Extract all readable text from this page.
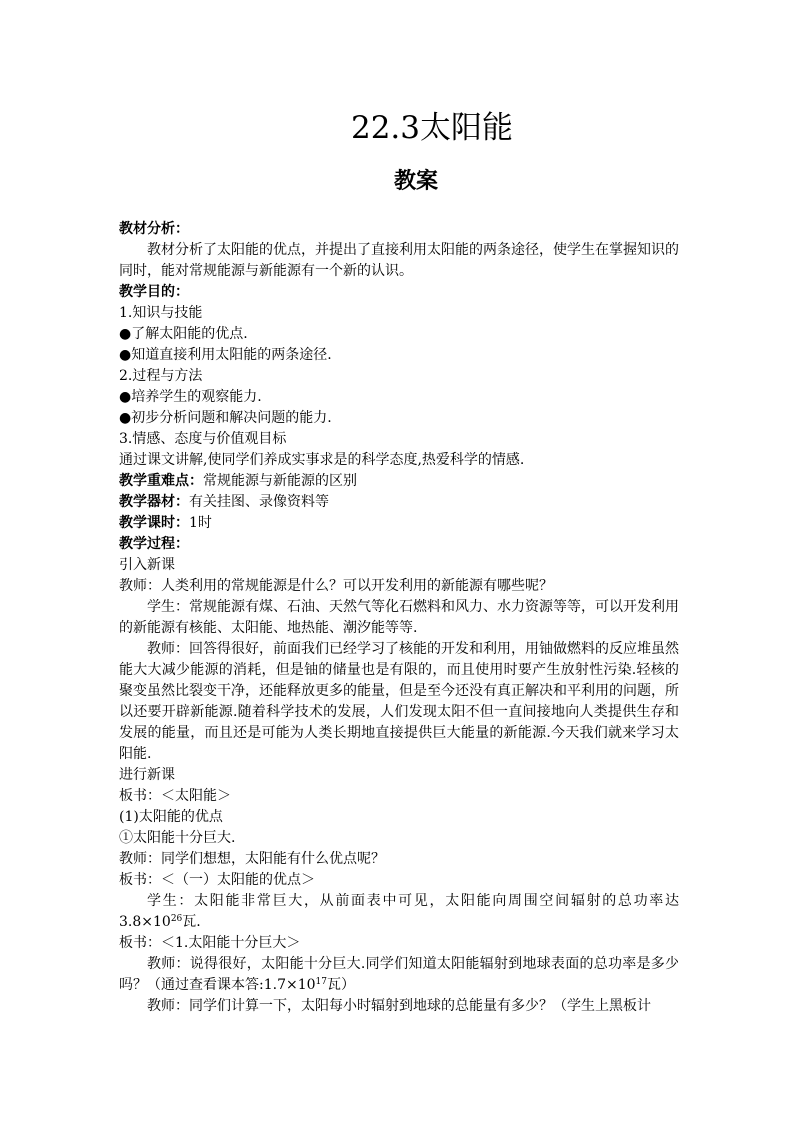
22.3太阳能
教案

教材分析：

教材分析了太阳能的优点，并提出了直接利用太阳能的两条途径，使学生在掌握知识的同时，能对常规能源与新能源有一个新的认识。

教学目的：

1.知识与技能

●了解太阳能的优点.

●知道直接利用太阳能的两条途径.

2.过程与方法

●培养学生的观察能力.

●初步分析问题和解决问题的能力.

3.情感、态度与价值观目标

通过课文讲解,使同学们养成实事求是的科学态度,热爱科学的情感.

教学重难点：常规能源与新能源的区别

教学器材：有关挂图、录像资料等

教学课时：1时

教学过程：

引入新课

教师：人类利用的常规能源是什么？可以开发利用的新能源有哪些呢？

学生：常规能源有煤、石油、天然气等化石燃料和风力、水力资源等等，可以开发利用的新能源有核能、太阳能、地热能、潮汐能等等.

教师：回答得很好，前面我们已经学习了核能的开发和利用，用铀做燃料的反应堆虽然能大大减少能源的消耗，但是铀的储量也是有限的，而且使用时要产生放射性污染.轻核的聚变虽然比裂变干净，还能释放更多的能量，但是至今还没有真正解决和平利用的问题，所以还要开辟新能源.随着科学技术的发展，人们发现太阳不但一直间接地向人类提供生存和发展的能量，而且还是可能为人类长期地直接提供巨大能量的新能源.今天我们就来学习太阳能.

进行新课

板书：＜太阳能＞

(1)太阳能的优点

①太阳能十分巨大.

教师：同学们想想，太阳能有什么优点呢？

板书：＜（一）太阳能的优点＞

学生：太阳能非常巨大，从前面表中可见，太阳能向周围空间辐射的总功率达$3.8\times 10^{26}$瓦.

板书：＜1.太阳能十分巨大＞

教师：说得很好，太阳能十分巨大.同学们知道太阳能辐射到地球表面的总功率是多少吗？（通过查看课本答$:1.7\times 10^{17}$瓦）

教师：同学们计算一下，太阳每小时辐射到地球的总能量有多少？（学生上黑板计
